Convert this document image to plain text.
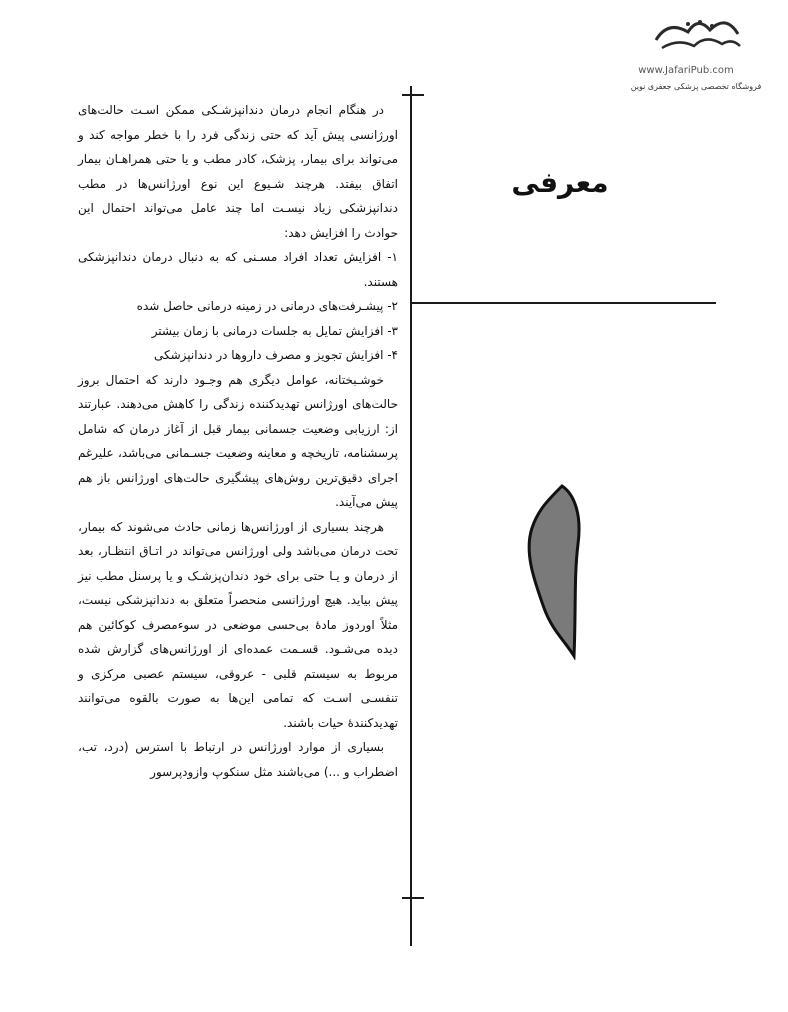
www.JafariPub.com
فروشگاه تخصصی پزشکی جعفری نوین
معرفی

در هنگام انجام درمان دندانپزشـکی ممکن اسـت حالت‌های اورژانسی پیش آید که حتی زندگی فرد را با خطر مواجه کند و می‌تواند برای بیمار، پزشک، کادر مطب و یا حتی همراهـان بیمار اتفاق بیفتد. هرچند شـیوع این نوع اورژانس‌ها در مطب دندانپزشکی زیاد نیسـت اما چند عامل می‌تواند احتمال این حوادث را افزایش دهد:

۱- افزایش تعداد افراد مسـنی که به دنبال درمان دندانپزشکی هستند.

۲- پیشـرفت‌های درمانی در زمینه درمانی حاصل شده

۳- افزایش تمایل به جلسات درمانی با زمان بیشتر

۴- افزایش تجویز و مصرف داروها در دندانپزشکی

خوشـبختانه، عوامل دیگری هم وجـود دارند که احتمال بروز حالت‌های اورژانس تهدیدکننده زندگی را کاهش می‌دهند. عبارتند از: ارزیابی وضعیت جسمانی بیمار قبل از آغاز درمان که شامل پرسشنامه، تاریخچه و معاینه وضعیت جسـمانی می‌باشد، علیرغم اجرای دقیق‌ترین روش‌های پیشگیری حالت‌های اورژانس باز هم پیش می‌آیند.

هرچند بسیاری از اورژانس‌ها زمانی حادث می‌شوند که بیمار، تحت درمان می‌باشد ولی اورژانس می‌تواند در اتـاق انتظـار، بعد از درمان و یـا حتی برای خود دندان‌پزشـک و یا پرسنل مطب نیز پیش بیاید. هیچ اورژانسی منحصراً متعلق به دندانپزشکی نیست، مثلاً اوردوز مادهٔ بی‌حسی موضعی در سوءمصرف کوکائین هم دیده می‌شـود. قسـمت عمده‌ای از اورژانس‌های گزارش شده مربوط به سیستم قلبی - عروقی، سیستم عصبی مرکزی و تنفسـی اسـت که تمامی این‌ها به صورت بالقوه می‌توانند تهدیدکنندهٔ حیات باشند.

بسیاری از موارد اورژانس در ارتباط با استرس (درد، تب، اضطراب و ...) می‌باشند مثل سنکوپ وازودپرسور
